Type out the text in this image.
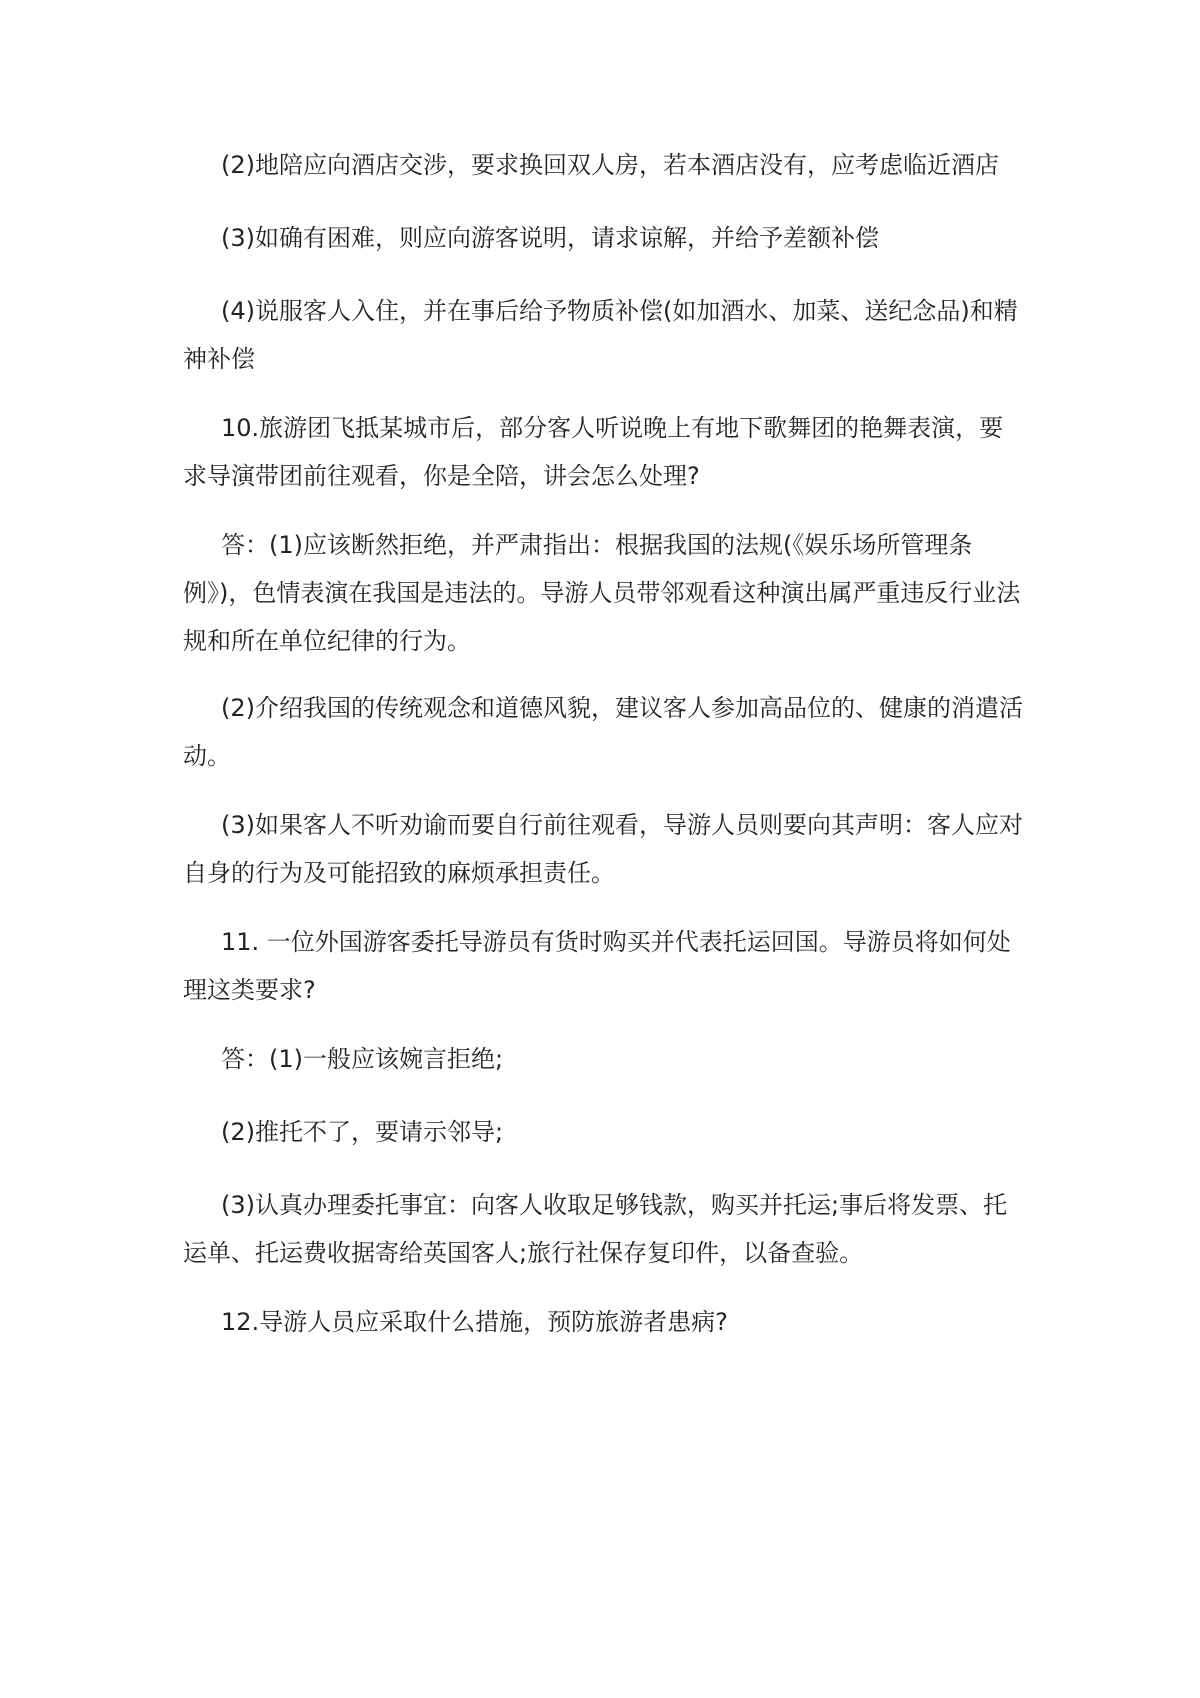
(2)地陪应向酒店交涉，要求换回双人房，若本酒店没有，应考虑临近酒店

(3)如确有困难，则应向游客说明，请求谅解，并给予差额补偿

(4)说服客人入住，并在事后给予物质补偿(如加酒水、加菜、送纪念品)和精神补偿

10.旅游团飞抵某城市后，部分客人听说晚上有地下歌舞团的艳舞表演，要求导演带团前往观看，你是全陪，讲会怎么处理?

答：(1)应该断然拒绝，并严肃指出：根据我国的法规(《娱乐场所管理条例》)，色情表演在我国是违法的。导游人员带邻观看这种演出属严重违反行业法规和所在单位纪律的行为。

(2)介绍我国的传统观念和道德风貌，建议客人参加高品位的、健康的消遣活动。

(3)如果客人不听劝谕而要自行前往观看，导游人员则要向其声明：客人应对自身的行为及可能招致的麻烦承担责任。

11. 一位外国游客委托导游员有货时购买并代表托运回国。导游员将如何处理这类要求?

答：(1)一般应该婉言拒绝;

(2)推托不了，要请示邻导;

(3)认真办理委托事宜：向客人收取足够钱款，购买并托运;事后将发票、托运单、托运费收据寄给英国客人;旅行社保存复印件，以备查验。

12.导游人员应采取什么措施，预防旅游者患病?
